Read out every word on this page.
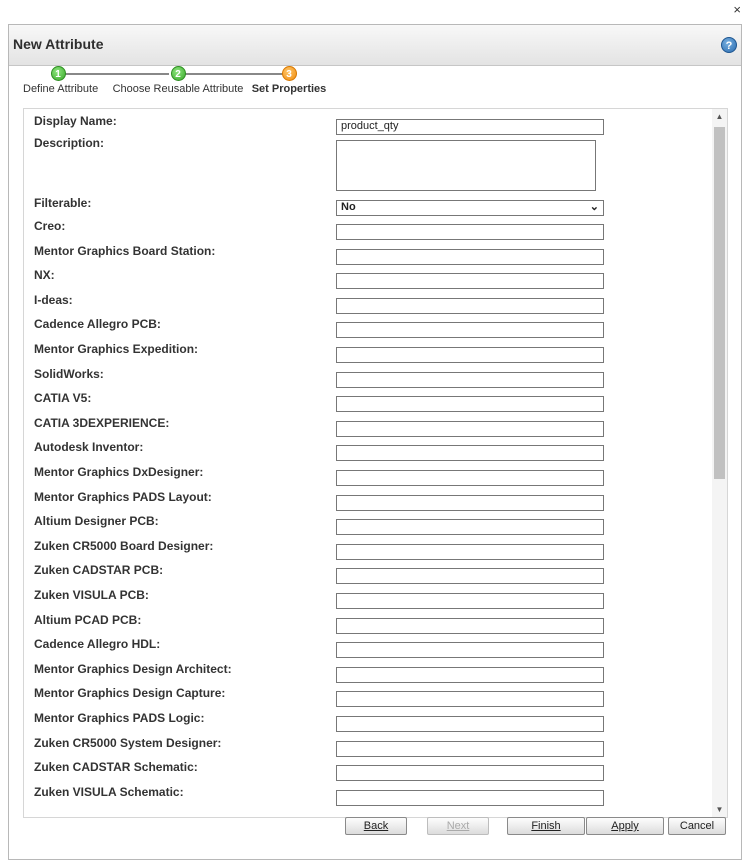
×
New Attribute	?
1
Define Attribute
2
Choose Reusable Attribute
3
Set Properties
Display Name:	product_qty
Description:
Filterable:	No	⌄
Creo:
Mentor Graphics Board Station:
NX:
I-deas:
Cadence Allegro PCB:
Mentor Graphics Expedition:
SolidWorks:
CATIA V5:
CATIA 3DEXPERIENCE:
Autodesk Inventor:
Mentor Graphics DxDesigner:
Mentor Graphics PADS Layout:
Altium Designer PCB:
Zuken CR5000 Board Designer:
Zuken CADSTAR PCB:
Zuken VISULA PCB:
Altium PCAD PCB:
Cadence Allegro HDL:
Mentor Graphics Design Architect:
Mentor Graphics Design Capture:
Mentor Graphics PADS Logic:
Zuken CR5000 System Designer:
Zuken CADSTAR Schematic:
Zuken VISULA Schematic:
▲
▼
Back	Next	Finish	Apply	Cancel
